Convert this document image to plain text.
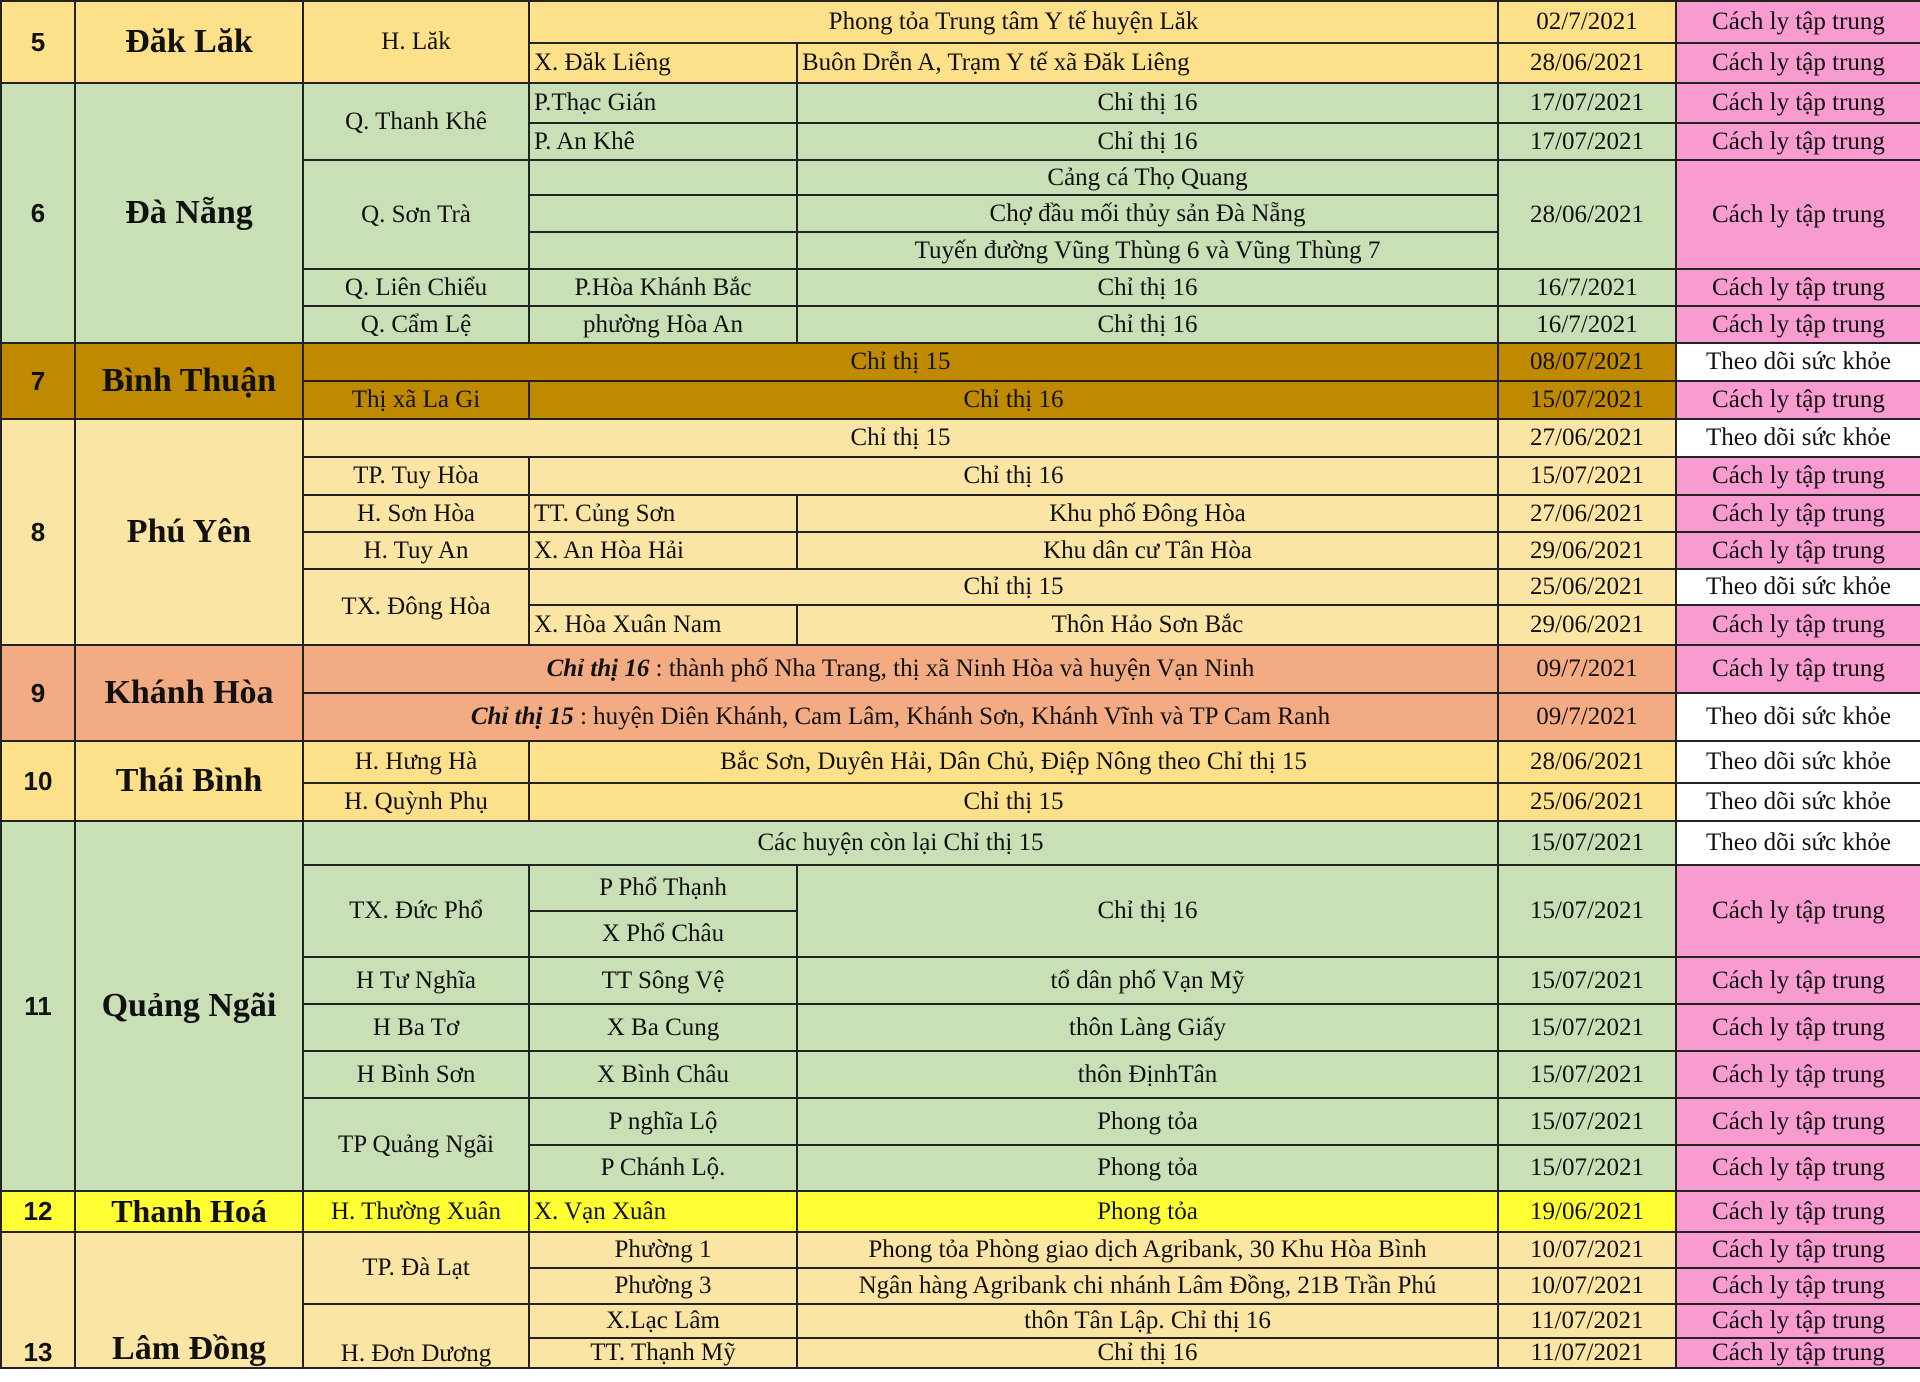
5	Đăk Lăk	H. Lăk	Phong tỏa Trung tâm Y tế huyện Lăk		02/7/2021	Cách ly tập trung
			X. Đăk Liêng	Buôn Drễn A, Trạm Y tế xã Đăk Liêng	28/06/2021	Cách ly tập trung
6	Đà Nẵng	Q. Thanh Khê	P.Thạc Gián	Chỉ thị 16	17/07/2021	Cách ly tập trung
			P. An Khê	Chỉ thị 16	17/07/2021	Cách ly tập trung
		Q. Sơn Trà		Cảng cá Thọ Quang	28/06/2021	Cách ly tập trung
				Chợ đầu mối thủy sản Đà Nẵng		
				Tuyến đường Vũng Thùng 6 và Vũng Thùng 7		
		Q. Liên Chiểu	P.Hòa Khánh Bắc	Chỉ thị 16	16/7/2021	Cách ly tập trung
		Q. Cẩm Lệ	phường Hòa An	Chỉ thị 16	16/7/2021	Cách ly tập trung
7	Bình Thuận	Chỉ thị 15			08/07/2021	Theo dõi sức khỏe
		Thị xã La Gi	Chỉ thị 16		15/07/2021	Cách ly tập trung
8	Phú Yên	Chỉ thị 15			27/06/2021	Theo dõi sức khỏe
		TP. Tuy Hòa	Chỉ thị 16		15/07/2021	Cách ly tập trung
		H. Sơn Hòa	TT. Củng Sơn	Khu phố Đông Hòa	27/06/2021	Cách ly tập trung
		H. Tuy An	X. An Hòa Hải	Khu dân cư Tân Hòa	29/06/2021	Cách ly tập trung
		TX. Đông Hòa	Chỉ thị 15		25/06/2021	Theo dõi sức khỏe
			X. Hòa Xuân Nam	Thôn Hảo Sơn Bắc	29/06/2021	Cách ly tập trung
9	Khánh Hòa	Chỉ thị 16 : thành phố Nha Trang, thị xã Ninh Hòa và huyện Vạn Ninh			09/7/2021	Cách ly tập trung
		Chỉ thị 15 : huyện Diên Khánh, Cam Lâm, Khánh Sơn, Khánh Vĩnh và TP Cam Ranh			09/7/2021	Theo dõi sức khỏe
10	Thái Bình	H. Hưng Hà	Bắc Sơn, Duyên Hải, Dân Chủ, Điệp Nông theo Chỉ thị 15		28/06/2021	Theo dõi sức khỏe
		H. Quỳnh Phụ	Chỉ thị 15		25/06/2021	Theo dõi sức khỏe
11	Quảng Ngãi	Các huyện còn lại Chỉ thị 15			15/07/2021	Theo dõi sức khỏe
		TX. Đức Phổ	P Phổ Thạnh	Chỉ thị 16	15/07/2021	Cách ly tập trung
			X Phổ Châu			
		H Tư Nghĩa	TT Sông Vệ	tổ dân phố Vạn Mỹ	15/07/2021	Cách ly tập trung
		H Ba Tơ	X Ba Cung	thôn Làng Giấy	15/07/2021	Cách ly tập trung
		H Bình Sơn	X Bình Châu	thôn ĐịnhTân	15/07/2021	Cách ly tập trung
		TP Quảng Ngãi	P nghĩa Lộ	Phong tỏa	15/07/2021	Cách ly tập trung
			P Chánh Lộ.	Phong tỏa	15/07/2021	Cách ly tập trung
12	Thanh Hoá	H. Thường Xuân	X. Vạn Xuân	Phong tỏa	19/06/2021	Cách ly tập trung
13	Lâm Đồng	TP. Đà Lạt	Phường 1	Phong tỏa Phòng giao dịch Agribank, 30 Khu Hòa Bình	10/07/2021	Cách ly tập trung
			Phường 3	Ngân hàng Agribank chi nhánh Lâm Đồng, 21B Trần Phú	10/07/2021	Cách ly tập trung
		H. Đơn Dương	X.Lạc Lâm	thôn Tân Lập. Chỉ thị 16	11/07/2021	Cách ly tập trung
			TT. Thạnh Mỹ	Chỉ thị 16	11/07/2021	Cách ly tập trung
